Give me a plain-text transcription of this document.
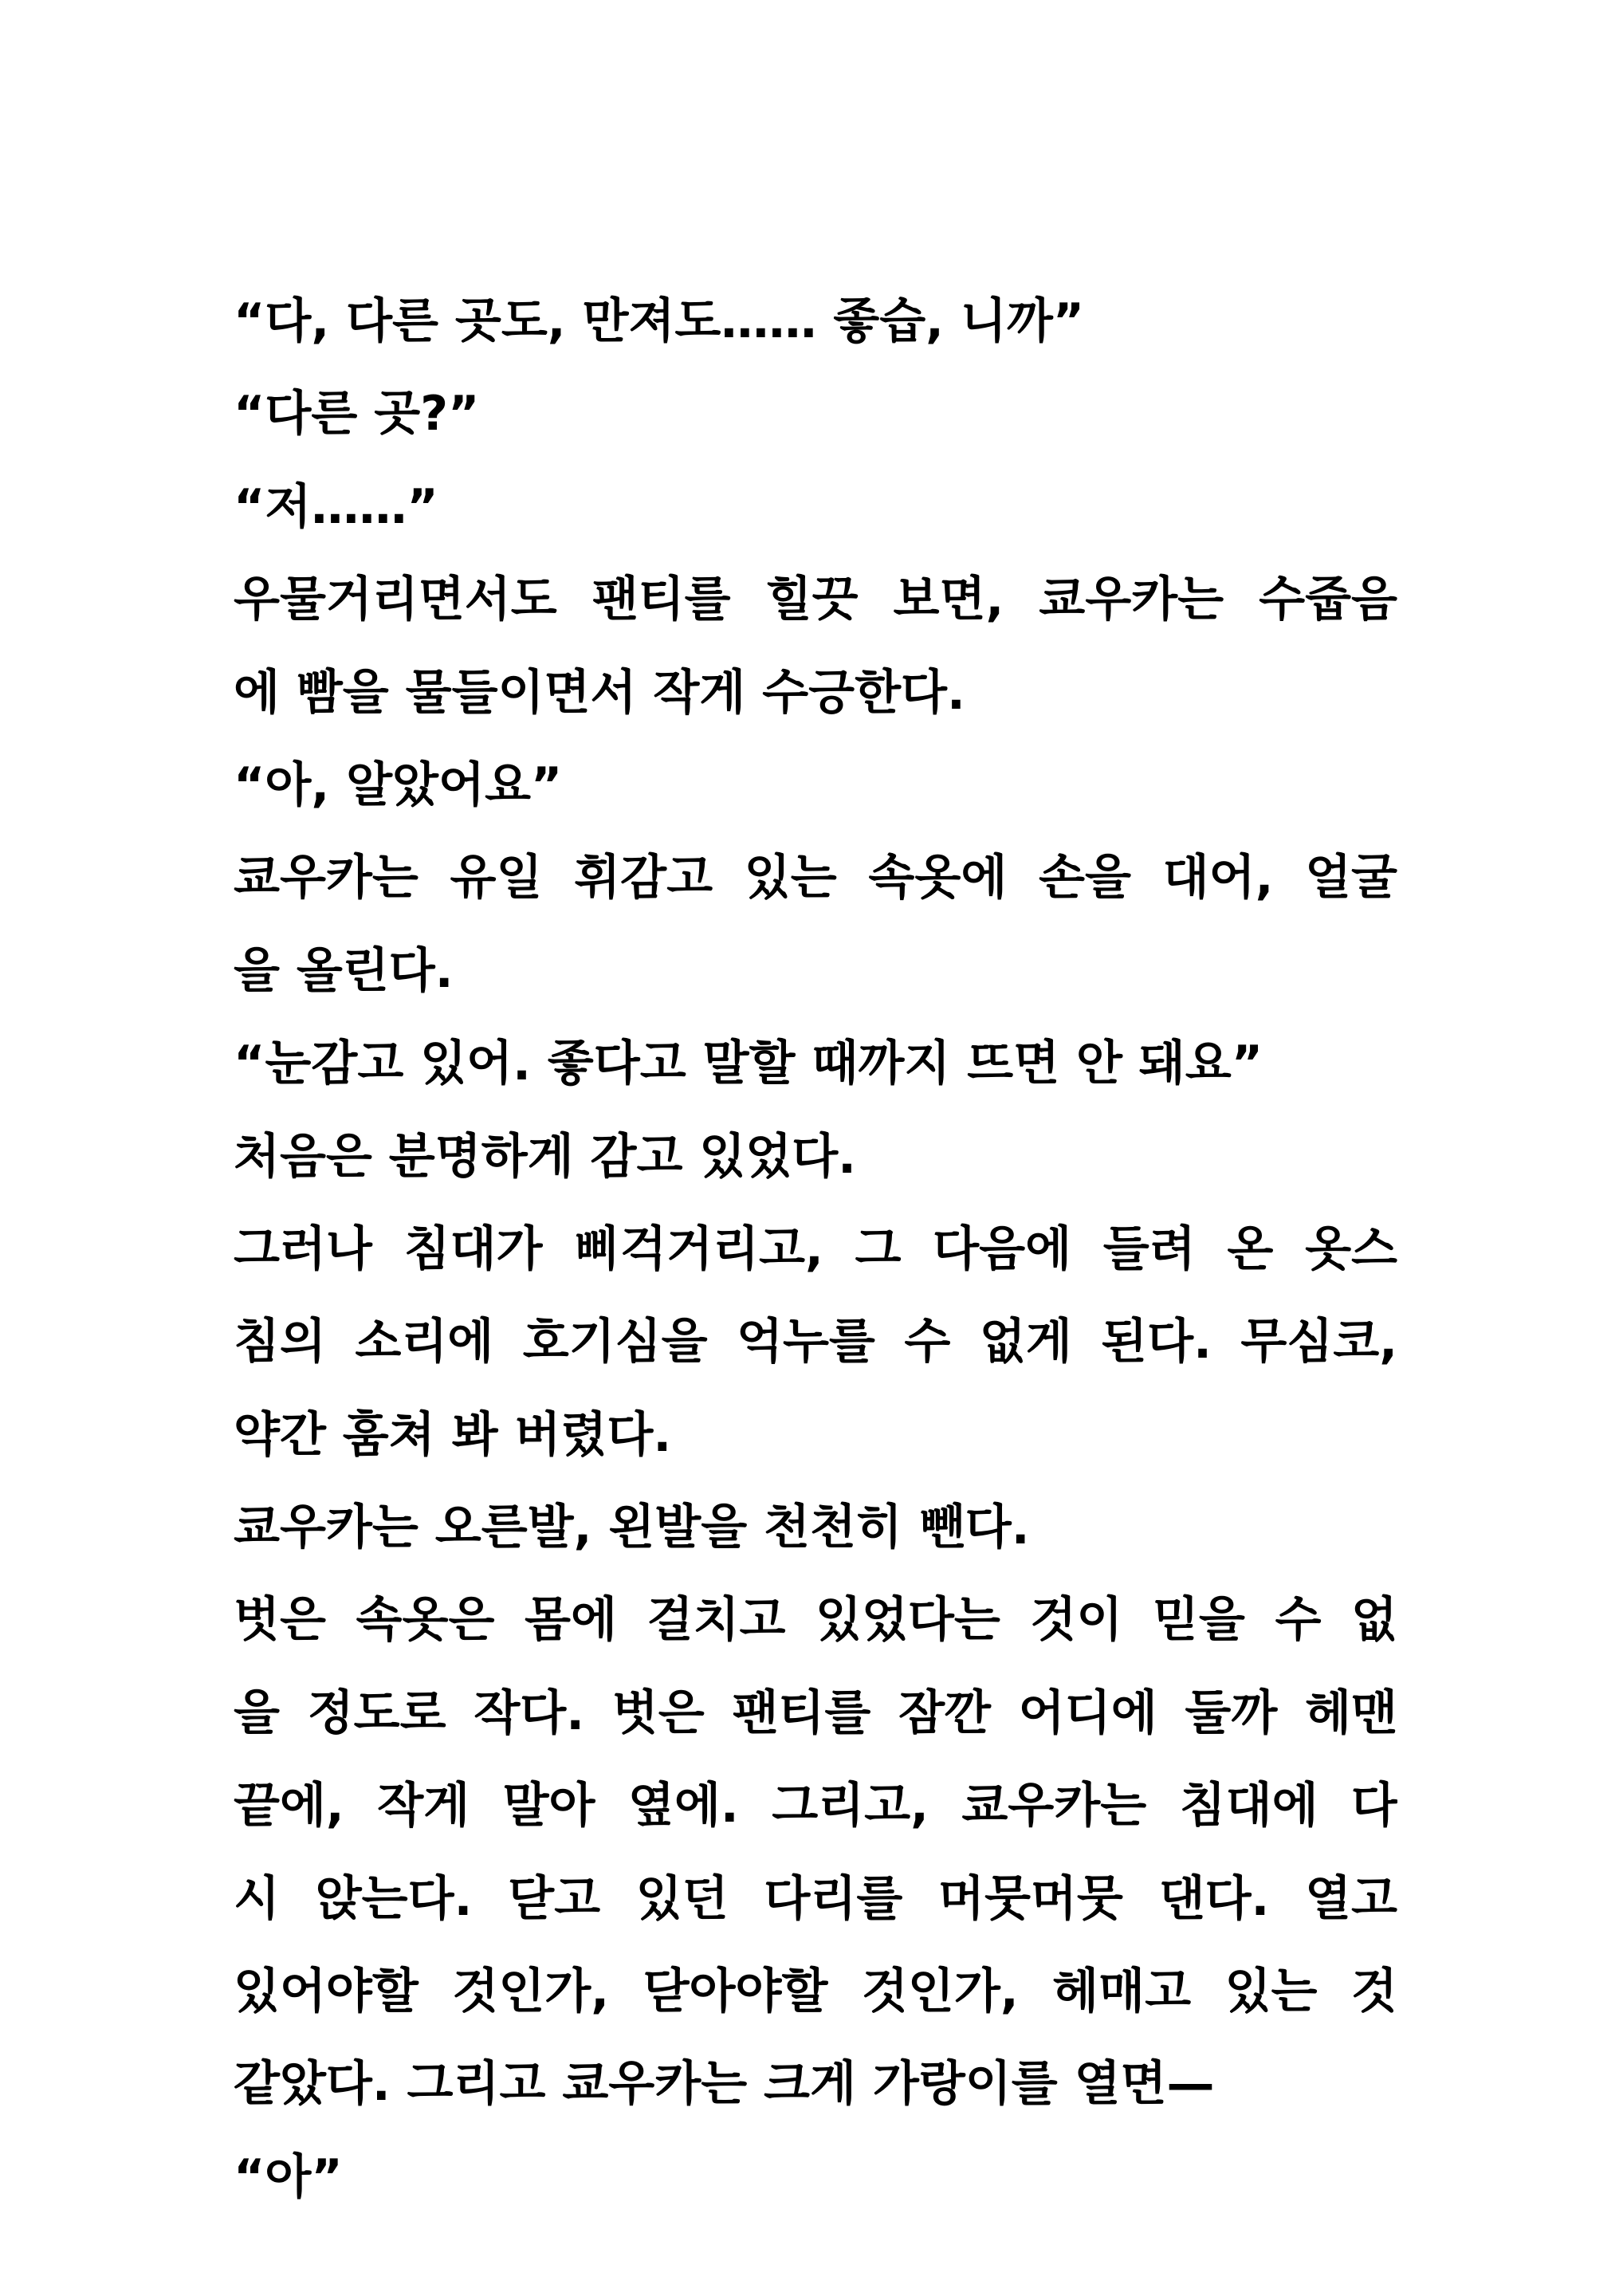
“다, 다른 곳도, 만져도…… 좋습, 니까”
“다른 곳?”
“저……”
우물거리면서도 팬티를 힐끗 보면, 쿄우카는 수줍음
에 빰을 물들이면서 작게 수긍한다.
“아, 알았어요”
쿄우카는 유일 휘감고 있는 속옷에 손을 대어, 얼굴
을 올린다.
“눈감고 있어. 좋다고 말할 때까지 뜨면 안 돼요”
처음은 분명하게 감고 있었다.
그러나 침대가 삐걱거리고, 그 다음에 들려 온 옷스
침의 소리에 호기심을 억누를 수 없게 된다. 무심코,
약간 훔쳐 봐 버렸다.
쿄우카는 오른발, 왼발을 천천히 뺀다.
벗은 속옷은 몸에 걸치고 있었다는 것이 믿을 수 없
을 정도로 작다. 벗은 팬티를 잠깐 어디에 둘까 헤맨
끝에, 작게 말아 옆에. 그리고, 쿄우카는 침대에 다
시 앉는다. 닫고 있던 다리를 머뭇머뭇 댄다. 열고
있어야할 것인가, 닫아야할 것인가, 헤매고 있는 것
같았다. 그리고 쿄우카는 크게 가랑이를 열면—
“아”
